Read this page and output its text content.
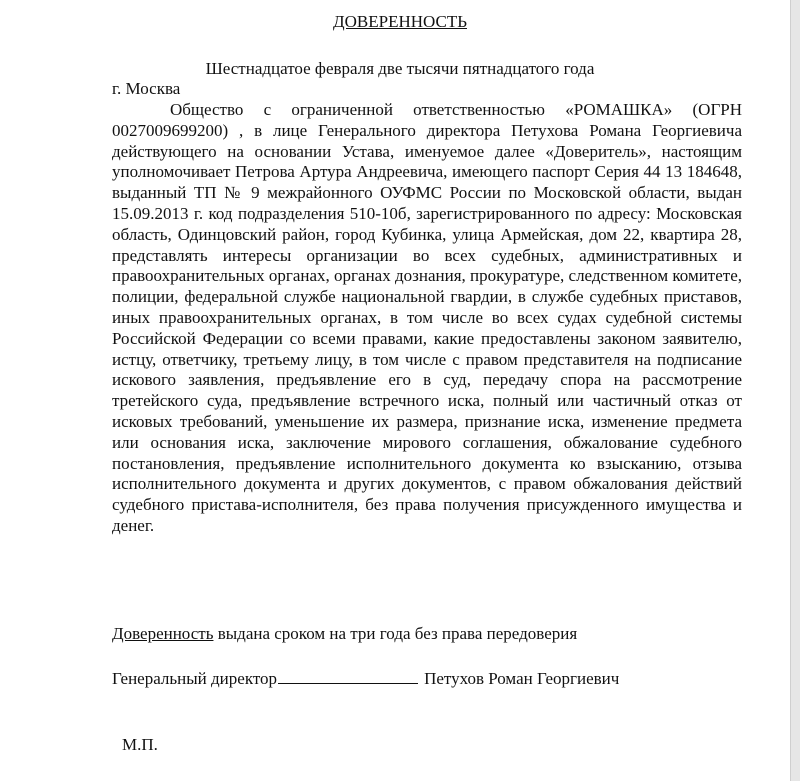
ДОВЕРЕННОСТЬ
Шестнадцатое февраля две тысячи пятнадцатого года
г. Москва
Общество с ограниченной ответственностью «РОМАШКА» (ОГРН 0027009699200) , в лице Генерального директора Петухова Романа Георгиевича действующего на основании Устава, именуемое далее «Доверитель», настоящим уполномочивает Петрова Артура Андреевича, имеющего паспорт Серия 44 13 184648, выданный ТП № 9 межрайонного ОУФМС России по Московской области, выдан 15.09.2013 г. код подразделения 510-10б, зарегистрированного по адресу: Московская область, Одинцовский район, город Кубинка, улица Армейская, дом 22, квартира 28, представлять интересы организации во всех судебных, административных и правоохранительных органах, органах дознания, прокуратуре, следственном комитете, полиции, федеральной службе национальной гвардии, в службе судебных приставов, иных правоохранительных органах, в том числе во всех судах судебной системы Российской Федерации со всеми правами, какие предоставлены законом заявителю, истцу, ответчику, третьему лицу, в том числе с правом представителя на подписание искового заявления, предъявление его в суд, передачу спора на рассмотрение третейского суда, предъявление встречного иска, полный или частичный отказ от исковых требований, уменьшение их размера, признание иска, изменение предмета или основания иска, заключение мирового соглашения, обжалование судебного постановления, предъявление исполнительного документа ко взысканию, отзыва исполнительного документа и других документов, с правом обжалования действий судебного пристава-исполнителя, без права получения присужденного имущества и денег.
Доверенность выдана сроком на три года без права передоверия
Генеральный директор	Петухов Роман Георгиевич
М.П.
